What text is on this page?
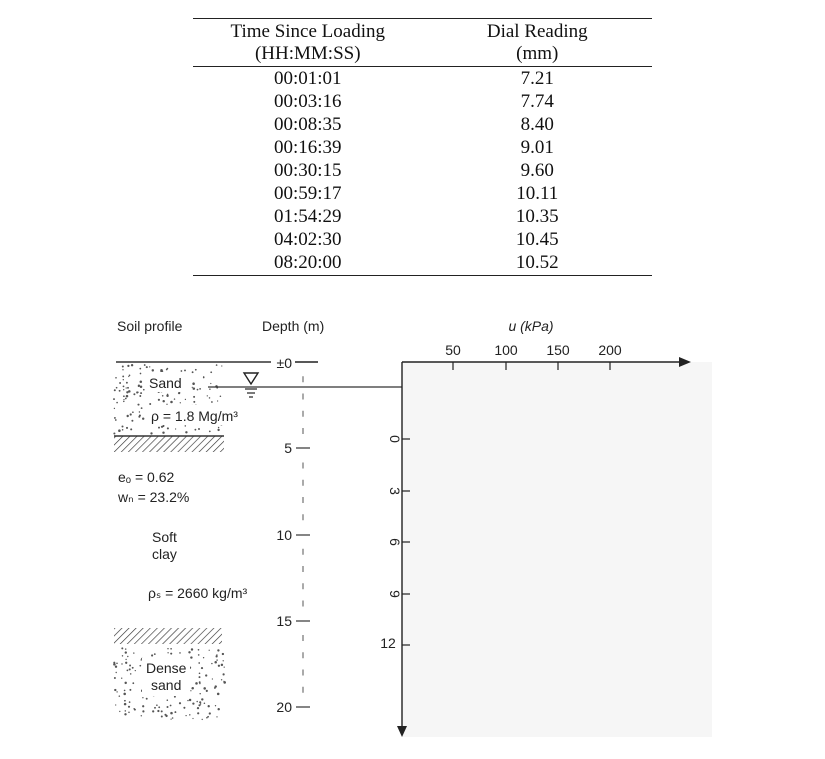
Time Since Loading	Dial Reading
(HH:MM:SS)	(mm)
00:01:01	7.21
00:03:16	7.74
00:08:35	8.40
00:16:39	9.01
00:30:15	9.60
00:59:17	10.11
01:54:29	10.35
04:02:30	10.45
08:20:00	10.52
Soil profile	Depth (m)	u (kPa)
Sand
ρ = 1.8 Mg/m³
eₒ = 0.62
wₙ = 23.2%
Soft
clay
ρₛ = 2660 kg/m³
Dense
sand
±0
5
10
15
20
50 100 150 200
0
3
6
9
12
